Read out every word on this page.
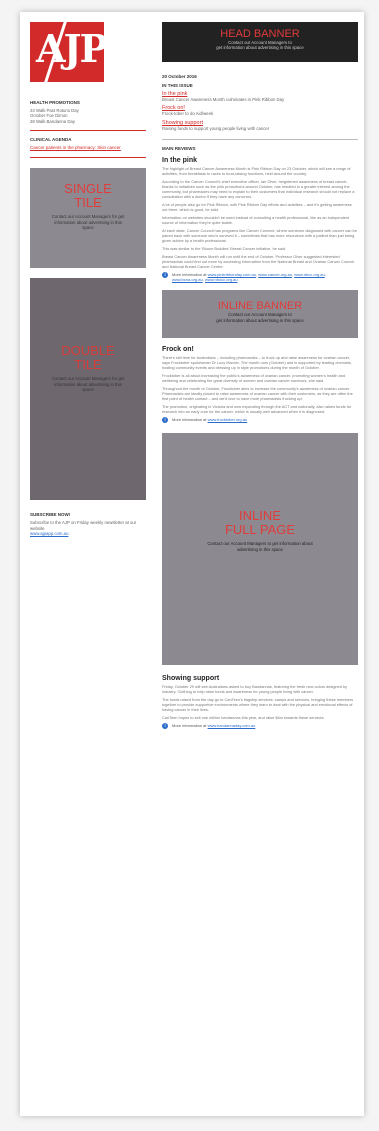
AJP
HEALTH PROMOTIONS
23 Walk Past Rotuns Day
October Foe Dimon
28 Walk Bandanna Day
CLINICAL AGENDA
Cancer patients in the pharmacy: Skin cancer
SINGLE
TILE
Contact our Account Managers for get information about advertising in this space
DOUBLE
TILE
Contact our Account Managers for get information about advertising in this space
SUBSCRIBE NOW!
Subscribe to the AJP on Friday weekly newsletter at our website
www.ajpapp.com.au
HEAD BANNER
Contact our Account Managers to
get information about advertising in this space
20 October 2016
IN THIS ISSUE
In the pink
Breast Cancer Awareness Month culminates in Pink Ribbon Day
Frock on!
Frock-tober to do Aid/week
Showing support
Raising funds to support young people living with cancer
MAIN REVIEWS
In the pink
The highlight of Breast Cancer Awareness Month is Pink Ribbon Day on 23 October, which will see a range of activities, from breakfasts to races to fund-raising functions, held around the country.
According to the Cancer Council's chief executive officer, Ian Olver, heightened awareness of breast cancer, thanks to initiatives such as the pink promotions around October, has resulted in a greater interest among the community, but pharmacies may need to explain to their customers that individual research should not replace a consultation with a doctor if they have any concerns.
A lot of people also go for Pink Ribbon, with Pink Ribbon Day efforts and activities – and it's getting awareness out there, which is good, he said.
Information on websites shouldn't be used instead of consulting a health professional, like as an independent source of information they're quite stable.
At each state, Cancer Council has programs like Cancer Connect, where someone diagnosed with cancer can be paired back with someone who's survived it – sometimes that has more resonance with a patient than just being given advice by a health professional.
This was similar to the 'Bloom Buddies' Breast Cancer initiative, he said.
Breast Cancer Awareness Month will run until the end of October. Professor Olver suggested interested pharmacists could find out more by accessing information from the National Breast and Ovarian Cancer Council and National Breast Cancer Centre.
i	More information at www.pinkribbonday.com.au, www.cancer.org.au, www.nbcc.org.au, www.bcna.org.au, www.nbocc.org.au
INLINE BANNER
Contact our Account Managers to
get information about advertising in this space
Frock on!
There's still time for Australians – including pharmacists – to frock up and raise awareness for ovarian cancer, says Frocktober spokesman Dr Lucy Mannix. The month runs (October) and is supported by leading chemists, hosting community events and dressing up in style promotions during the month of October.
Frocktober is all about increasing the public's awareness of ovarian cancer, promoting women's health and wellbeing and celebrating the great diversity of women and ovarian cancer survivors, she said.
Throughout the month of October, Frocktober aims to increase the community's awareness of ovarian cancer. Pharmacists are ideally placed to raise awareness of ovarian cancer with their customers, as they are often the first point of health contact – and we'd love to have more pharmacists frocking up!
The promotion, originating in Victoria and now expanding through the ACT and nationally, also raises funds for research into an early cure for the cancer, which is usually well advanced when it is diagnosed.
i	More information at www.frocktober.org.au
INLINE
FULL PAGE
Contact our Account Managers to get information about advertising in this space
Showing support
Friday, October 29 will see Australians asked to buy Bandannas, featuring the fresh new colors designed by industry. Clothing to help raise funds and awareness for young people living with cancer.
The funds raised from the day go to CanTeen's flagship services: camps and services, bringing these members together to provide supportive environments where they learn to deal with the physical and emotional effects of having cancer in their lives.
CanTeen hopes to sell one million bandannas this year, and raise $4m towards these services.
i	More information at www.bandannaday.com.au
